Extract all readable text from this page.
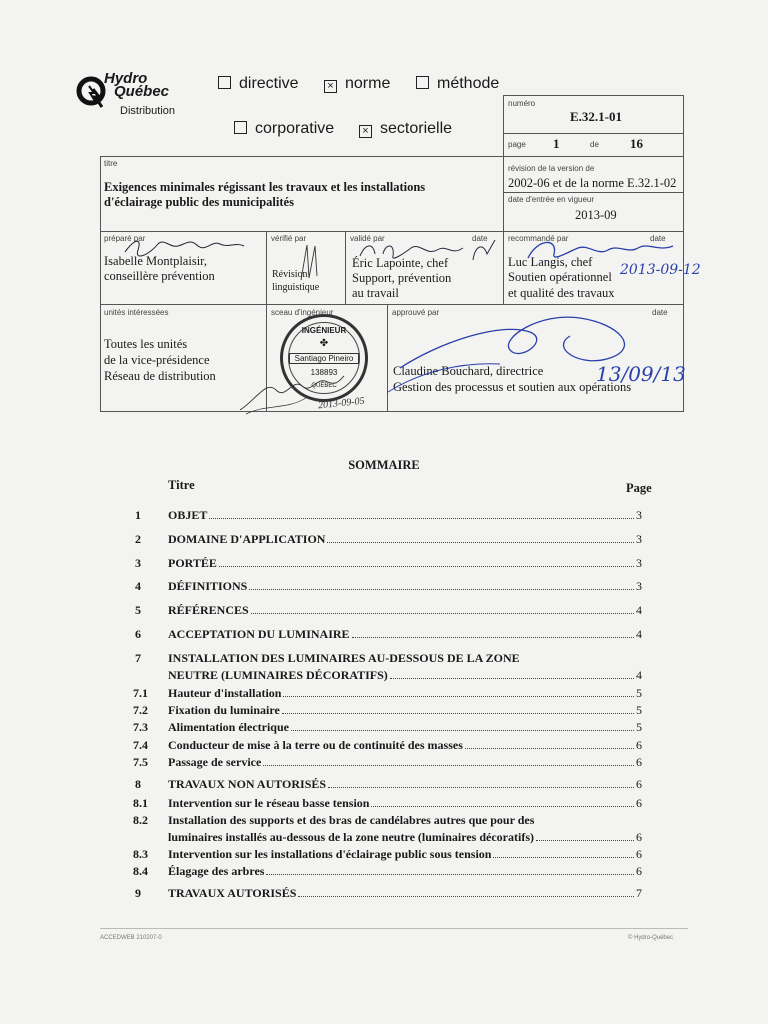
Hydro
Québec
Distribution
directive	× norme	méthode
corporative	× sectorielle
numéro
E.32.1-01
page 1	de 16
titre
Exigences minimales régissant les travaux et les installations
d'éclairage public des municipalités
révision de la version de
2002-06 et de la norme E.32.1-02
date d'entrée en vigueur
2013-09
préparé par
Isabelle Montplaisir,
conseillère prévention
vérifié par
Révision
linguistique
validé par	date
Éric Lapointe, chef
Support, prévention
au travail
recommandé par	date
Luc Langis, chef
Soutien opérationnel
et qualité des travaux
2013-09-12
unités intéressées
Toutes les unités
de la vice-présidence
Réseau de distribution
sceau d'ingénieur
INGÉNIEUR
✤
Santiago Pineiro
138893
QUÉBEC
2013-09-05
approuvé par	date
Claudine Bouchard, directrice
Gestion des processus et soutien aux opérations
13/09/13
SOMMAIRE
Titre	Page
1 OBJET	3
2 DOMAINE D'APPLICATION	3
3 PORTÉE	3
4 DÉFINITIONS	3
5 RÉFÉRENCES	4
6 ACCEPTATION DU LUMINAIRE	4
7 INSTALLATION DES LUMINAIRES AU-DESSOUS DE LA ZONE
NEUTRE (LUMINAIRES DÉCORATIFS)	4
7.1 Hauteur d'installation	5
7.2 Fixation du luminaire	5
7.3 Alimentation électrique	5
7.4 Conducteur de mise à la terre ou de continuité des masses	6
7.5 Passage de service	6
8 TRAVAUX NON AUTORISÉS	6
8.1 Intervention sur le réseau basse tension	6
8.2 Installation des supports et des bras de candélabres autres que pour des
luminaires installés au-dessous de la zone neutre (luminaires décoratifs)	6
8.3 Intervention sur les installations d'éclairage public sous tension	6
8.4 Élagage des arbres	6
9 TRAVAUX AUTORISÉS	7
ACCEDWEB 210207-0	© Hydro-Québec
